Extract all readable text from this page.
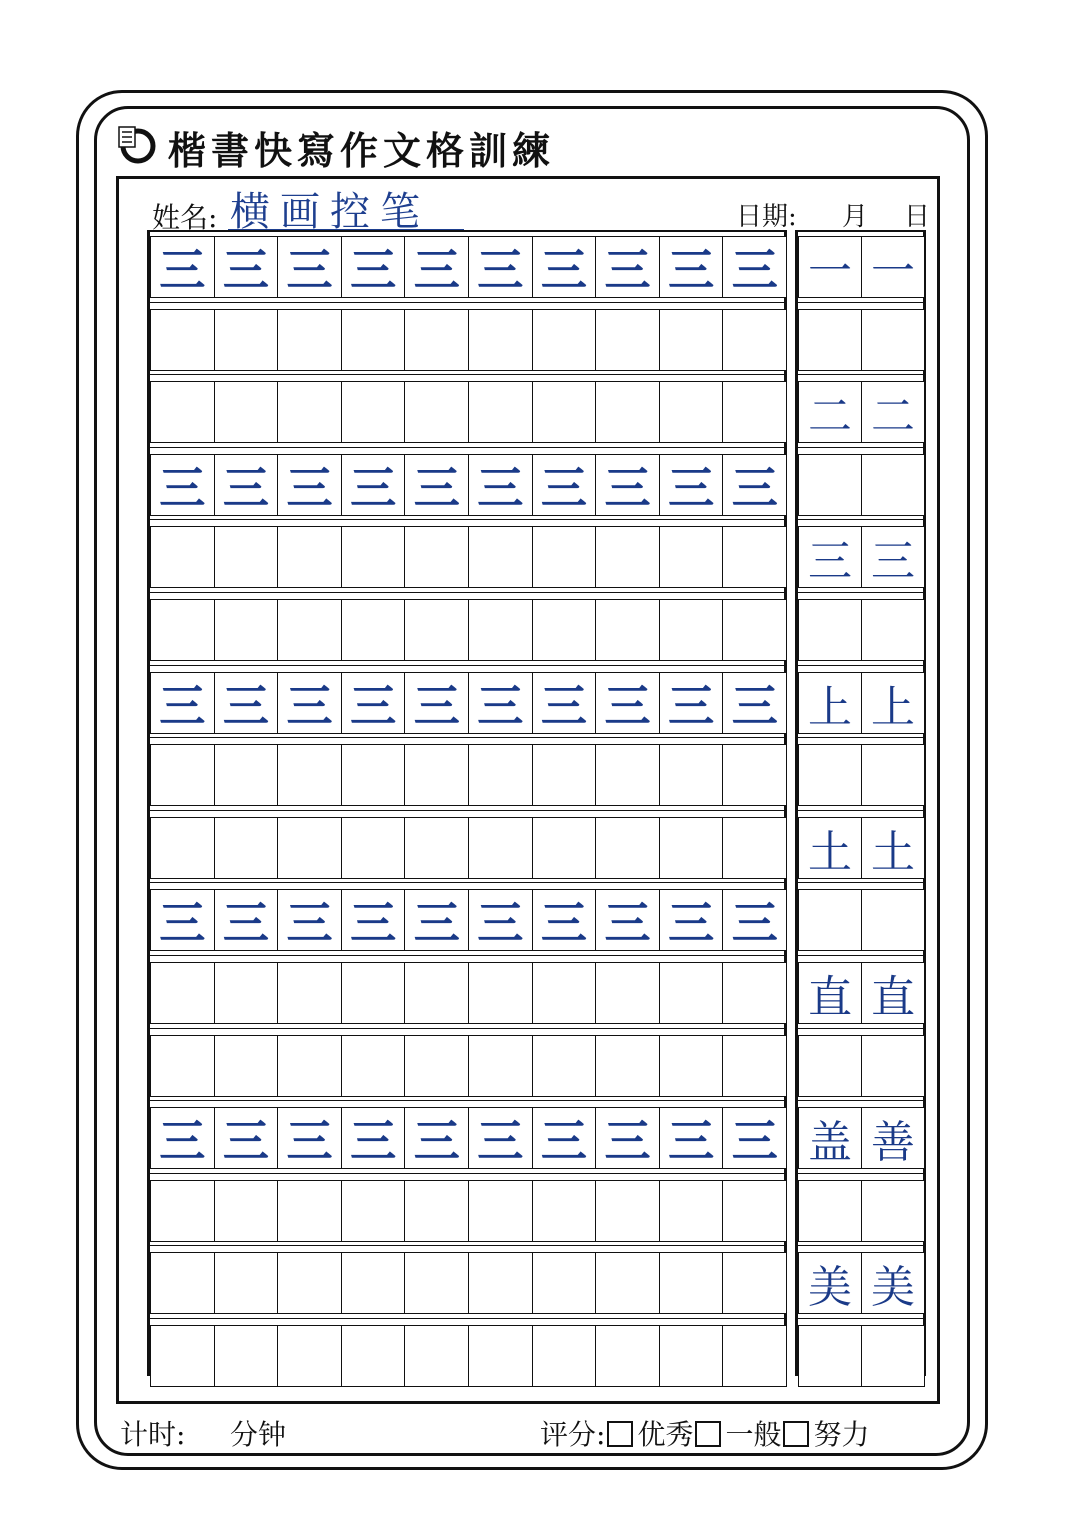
楷書快寫作文格訓練
姓名: 横画控笔	日期: 月 日
三 三 三 三 三 三 三 三 三 三
三 三 三 三 三 三 三 三 三 三
三 三 三 三 三 三 三 三 三 三
三 三 三 三 三 三 三 三 三 三
三 三 三 三 三 三 三 三 三 三
一 一
二 二
三 三
上 上
土 土
直 直
盖 善
美 美
计时: 分钟	评分: 优秀 一般 努力
